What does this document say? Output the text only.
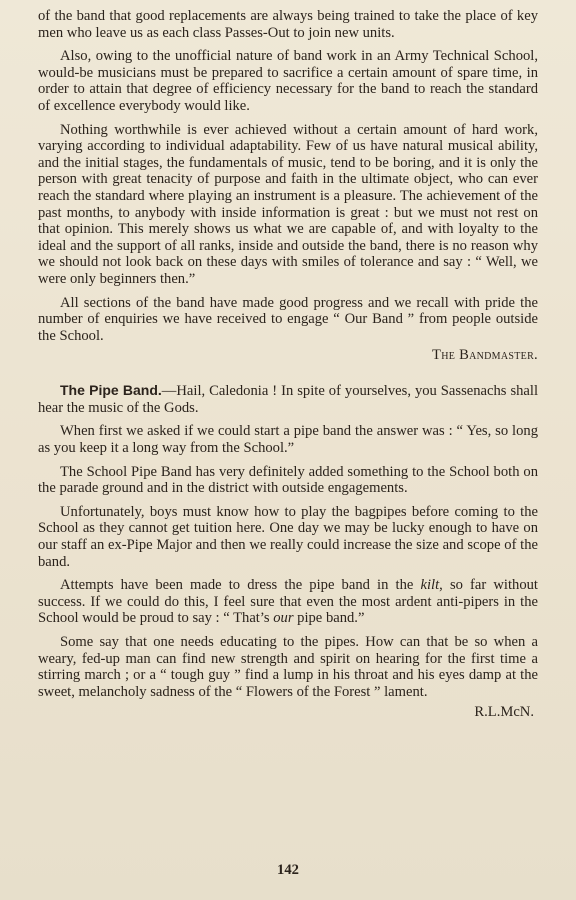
of the band that good replacements are always being trained to take the place of key men who leave us as each class Passes-Out to join new units.

Also, owing to the unofficial nature of band work in an Army Technical School, would-be musicians must be prepared to sacrifice a certain amount of spare time, in order to attain that degree of efficiency necessary for the band to reach the standard of excellence everybody would like.

Nothing worthwhile is ever achieved without a certain amount of hard work, varying according to individual adaptability. Few of us have natural musical ability, and the initial stages, the fundamentals of music, tend to be boring, and it is only the person with great tenacity of purpose and faith in the ultimate object, who can ever reach the standard where playing an instrument is a pleasure. The achievement of the past months, to anybody with inside information is great : but we must not rest on that opinion. This merely shows us what we are capable of, and with loyalty to the ideal and the support of all ranks, inside and outside the band, there is no reason why we should not look back on these days with smiles of tolerance and say : “ Well, we were only beginners then.”

All sections of the band have made good progress and we recall with pride the number of enquiries we have received to engage “ Our Band ” from people outside the School.

The Bandmaster.

The Pipe Band.—Hail, Caledonia ! In spite of yourselves, you Sassenachs shall hear the music of the Gods.

When first we asked if we could start a pipe band the answer was : “ Yes, so long as you keep it a long way from the School.”

The School Pipe Band has very definitely added something to the School both on the parade ground and in the district with outside engagements.

Unfortunately, boys must know how to play the bagpipes before coming to the School as they cannot get tuition here. One day we may be lucky enough to have on our staff an ex-Pipe Major and then we really could increase the size and scope of the band.

Attempts have been made to dress the pipe band in the kilt, so far without success. If we could do this, I feel sure that even the most ardent anti-pipers in the School would be proud to say : “ That’s our pipe band.”

Some say that one needs educating to the pipes. How can that be so when a weary, fed-up man can find new strength and spirit on hearing for the first time a stirring march ; or a “ tough guy ” find a lump in his throat and his eyes damp at the sweet, melancholy sadness of the “ Flowers of the Forest ” lament.

R.L.McN.

142
